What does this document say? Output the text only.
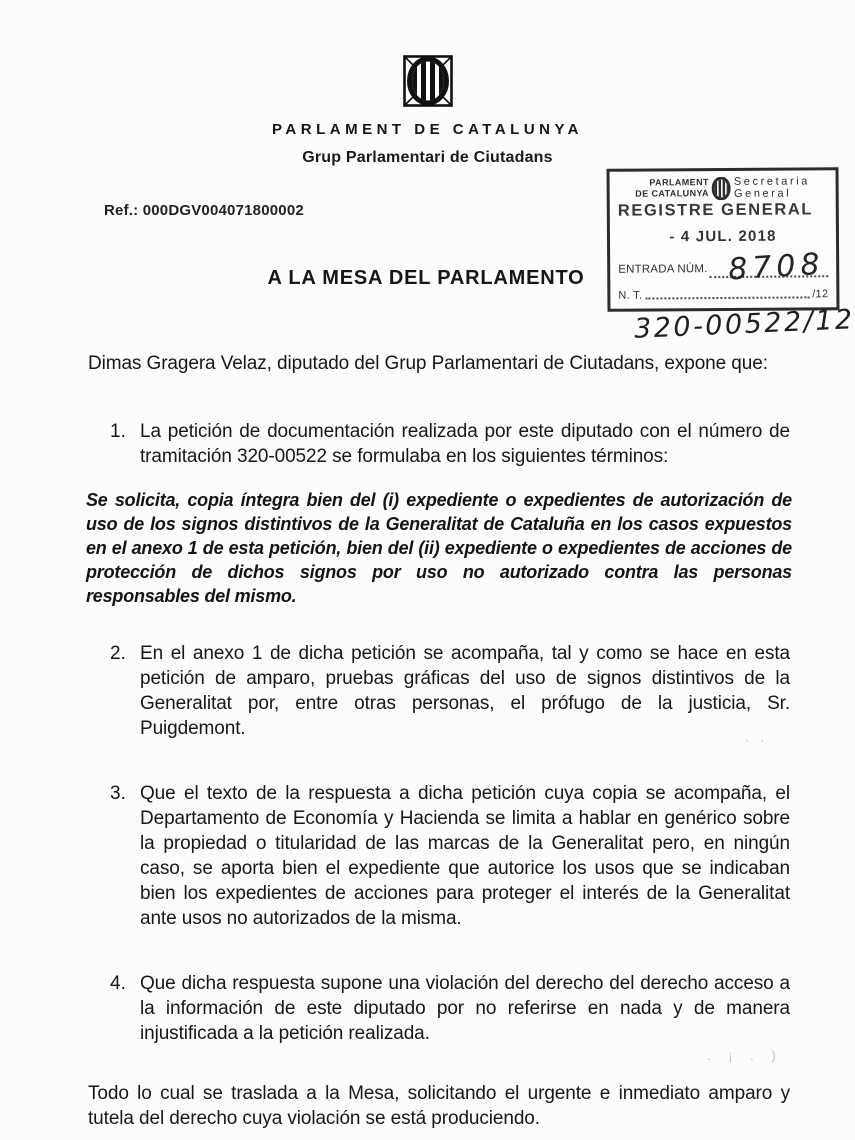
PARLAMENT DE CATALUNYA
Grup Parlamentari de Ciutadans
Ref.: 000DGV004071800002
A LA MESA DEL PARLAMENTO
PARLAMENT
DE CATALUNYA
Secretaria
General
REGISTRE GENERAL
- 4 JUL. 2018
ENTRADA NÚM. 8708
N. T.	/12
320-00522/12

Dimas Gragera Velaz, diputado del Grup Parlamentari de Ciutadans, expone que:

1. La petición de documentación realizada por este diputado con el número de tramitación 320-00522 se formulaba en los siguientes términos:

Se solicita, copia íntegra bien del (i) expediente o expedientes de autorización de uso de los signos distintivos de la Generalitat de Cataluña en los casos expuestos en el anexo 1 de esta petición, bien del (ii) expediente o expedientes de acciones de protección de dichos signos por uso no autorizado contra las personas responsables del mismo.

2. En el anexo 1 de dicha petición se acompaña, tal y como se hace en esta petición de amparo, pruebas gráficas del uso de signos distintivos de la Generalitat por, entre otras personas, el prófugo de la justicia, Sr. Puigdemont.
3. Que el texto de la respuesta a dicha petición cuya copia se acompaña, el Departamento de Economía y Hacienda se limita a hablar en genérico sobre la propiedad o titularidad de las marcas de la Generalitat pero, en ningún caso, se aporta bien el expediente que autorice los usos que se indicaban bien los expedientes de acciones para proteger el interés de la Generalitat ante usos no autorizados de la misma.
4. Que dicha respuesta supone una violación del derecho del derecho acceso a la información de este diputado por no referirse en nada y de manera injustificada a la petición realizada.

Todo lo cual se traslada a la Mesa, solicitando el urgente e inmediato amparo y tutela del derecho cuya violación se está produciendo.

· ·
. ¡ . )
